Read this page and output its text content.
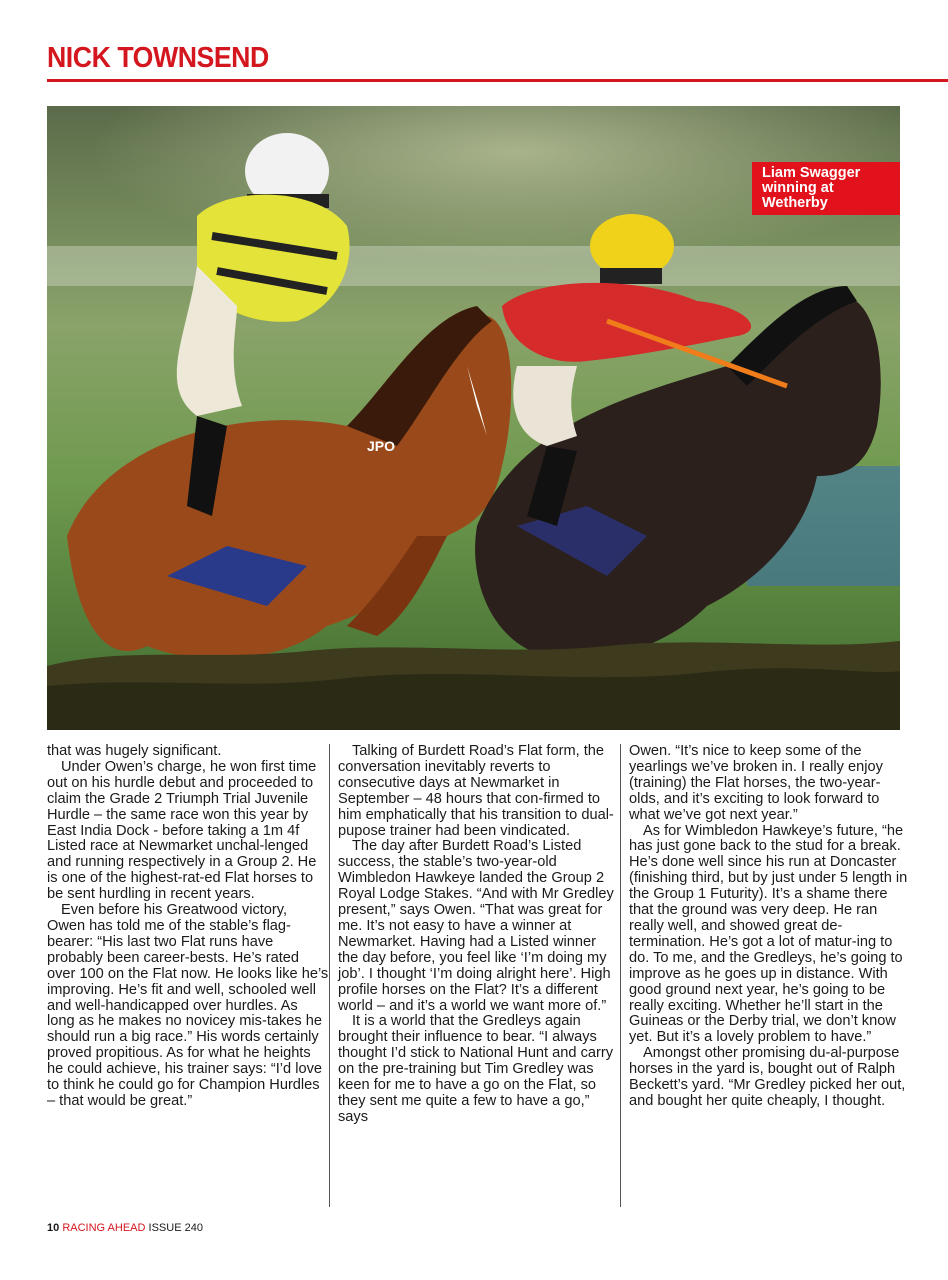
NICK TOWNSEND
JPO
Liam Swagger winning at Wetherby

that was hugely significant.

Under Owen’s charge, he won first time out on his hurdle debut and proceeded to claim the Grade 2 Triumph Trial Juvenile Hurdle – the same race won this year by East India Dock - before taking a 1m 4f Listed race at Newmarket unchal-lenged and running respectively in a Group 2. He is one of the highest-rat-ed Flat horses to be sent hurdling in recent years.

Even before his Greatwood victory, Owen has told me of the stable’s flag-bearer: “His last two Flat runs have probably been career-bests. He’s rated over 100 on the Flat now. He looks like he’s improving. He’s fit and well, schooled well and well-handicapped over hurdles. As long as he makes no novicey mis-takes he should run a big race.” His words certainly proved propitious. As for what he heights he could achieve, his trainer says: “I’d love to think he could go for Champion Hurdles – that would be great.”

Talking of Burdett Road’s Flat form, the conversation inevitably reverts to consecutive days at Newmarket in September – 48 hours that con-firmed to him emphatically that his transition to dual-pupose trainer had been vindicated.

The day after Burdett Road’s Listed success, the stable’s two-year-old Wimbledon Hawkeye landed the Group 2 Royal Lodge Stakes. “And with Mr Gredley present,” says Owen. “That was great for me. It’s not easy to have a winner at Newmarket. Having had a Listed winner the day before, you feel like ‘I’m doing my job’. I thought ‘I’m doing alright here’. High profile horses on the Flat? It’s a different world – and it’s a world we want more of.”

It is a world that the Gredleys again brought their influence to bear. “I always thought I’d stick to National Hunt and carry on the pre-training but Tim Gredley was keen for me to have a go on the Flat, so they sent me quite a few to have a go,” says

Owen. “It’s nice to keep some of the yearlings we’ve broken in. I really enjoy (training) the Flat horses, the two-year-olds, and it’s exciting to look forward to what we’ve got next year.”

As for Wimbledon Hawkeye’s future, “he has just gone back to the stud for a break. He’s done well since his run at Doncaster (finishing third, but by just under 5 length in the Group 1 Futurity). It’s a shame there that the ground was very deep. He ran really well, and showed great de-termination. He’s got a lot of matur-ing to do. To me, and the Gredleys, he’s going to improve as he goes up in distance. With good ground next year, he’s going to be really exciting. Whether he’ll start in the Guineas or the Derby trial, we don’t know yet. But it’s a lovely problem to have.”

Amongst other promising du-al-purpose horses in the yard is, bought out of Ralph Beckett’s yard. “Mr Gredley picked her out, and bought her quite cheaply, I thought.

10 RACING AHEAD ISSUE 240
